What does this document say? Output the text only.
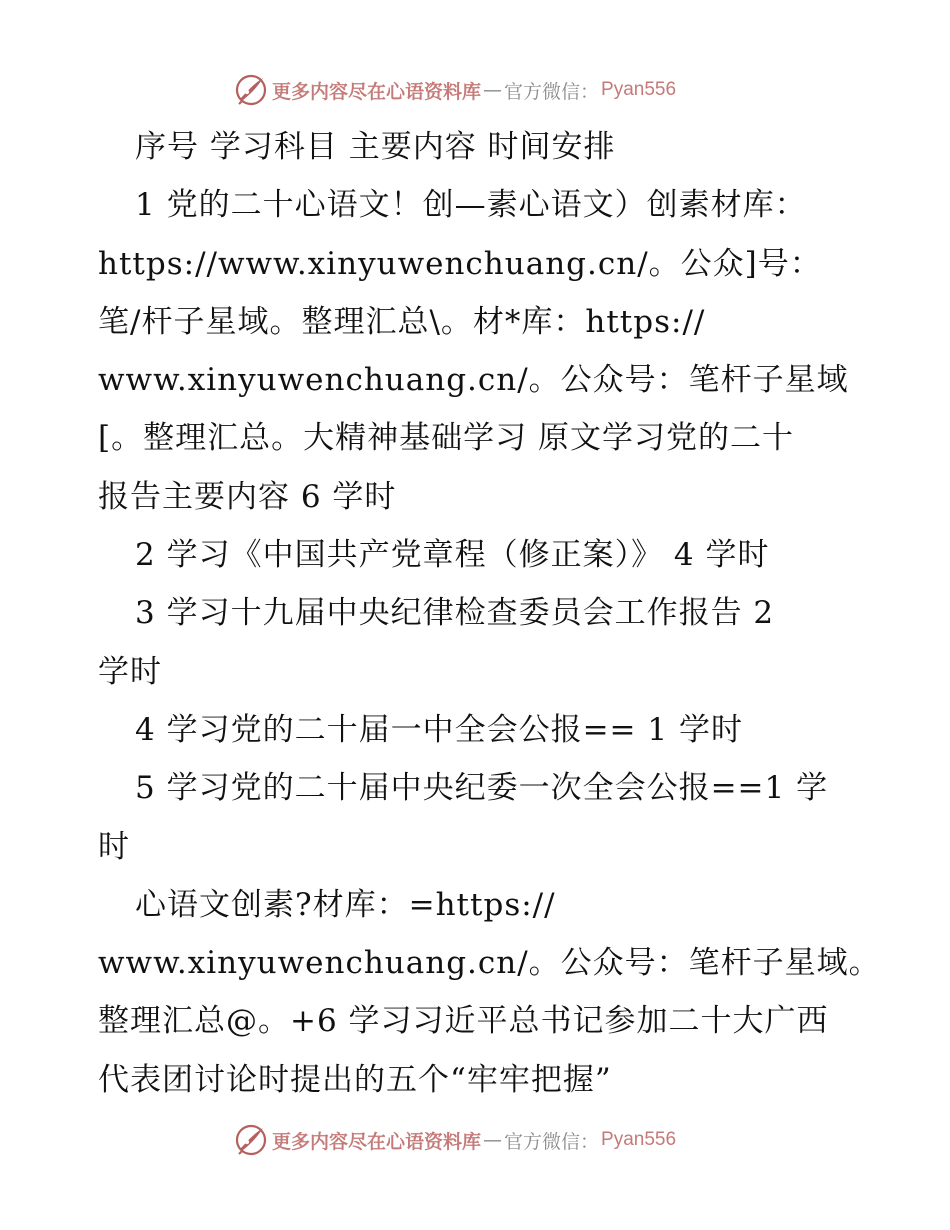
更多内容尽在心语资料库 — 官方微信： Pyan556
序号 学习科目 主要内容 时间安排
1 党的二十心语文！创—素心语文）创素材库：
https://www.xinyuwenchuang.cn/。公众]号：
笔/杆子星域。整理汇总\。材*库：https://
www.xinyuwenchuang.cn/。公众号：笔杆子星域
[。整理汇总。大精神基础学习 原文学习党的二十
报告主要内容 6 学时
2 学习《中国共产党章程（修正案）》 4 学时
3 学习十九届中央纪律检查委员会工作报告 2
学时
4 学习党的二十届一中全会公报== 1 学时
5 学习党的二十届中央纪委一次全会公报==1 学
时
心语文创素?材库：=https://
www.xinyuwenchuang.cn/。公众号：笔杆子星域。
整理汇总@。+6 学习习近平总书记参加二十大广西
代表团讨论时提出的五个“牢牢把握”
更多内容尽在心语资料库 — 官方微信： Pyan556
